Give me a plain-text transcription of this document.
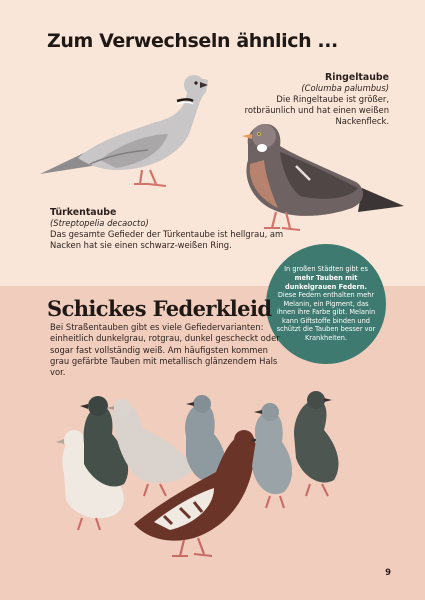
Zum Verwechseln ähnlich ...
Ringeltaube
(Columba palumbus)
Die Ringeltaube ist größer, rotbräunlich und hat einen weißen Nackenfleck.
Türkentaube
(Streptopelia decaocto)
Das gesamte Gefieder der Türkentaube ist hellgrau, am Nacken hat sie einen schwarz-weißen Ring.
In großen Städten gibt es mehr Tauben mit dunkelgrauen Federn. Diese Federn enthalten mehr Melanin, ein Pigment, das ihnen ihre Farbe gibt. Melanin kann Giftstoffe binden und schützt die Tauben besser vor Krankheiten.
Schickes Federkleid

Bei Straßentauben gibt es viele Gefiedervarianten: einheitlich dunkelgrau, rotgrau, dunkel gescheckt oder sogar fast vollständig weiß. Am häufigsten kommen grau gefärbte Tauben mit metallisch glänzendem Hals vor.

9
